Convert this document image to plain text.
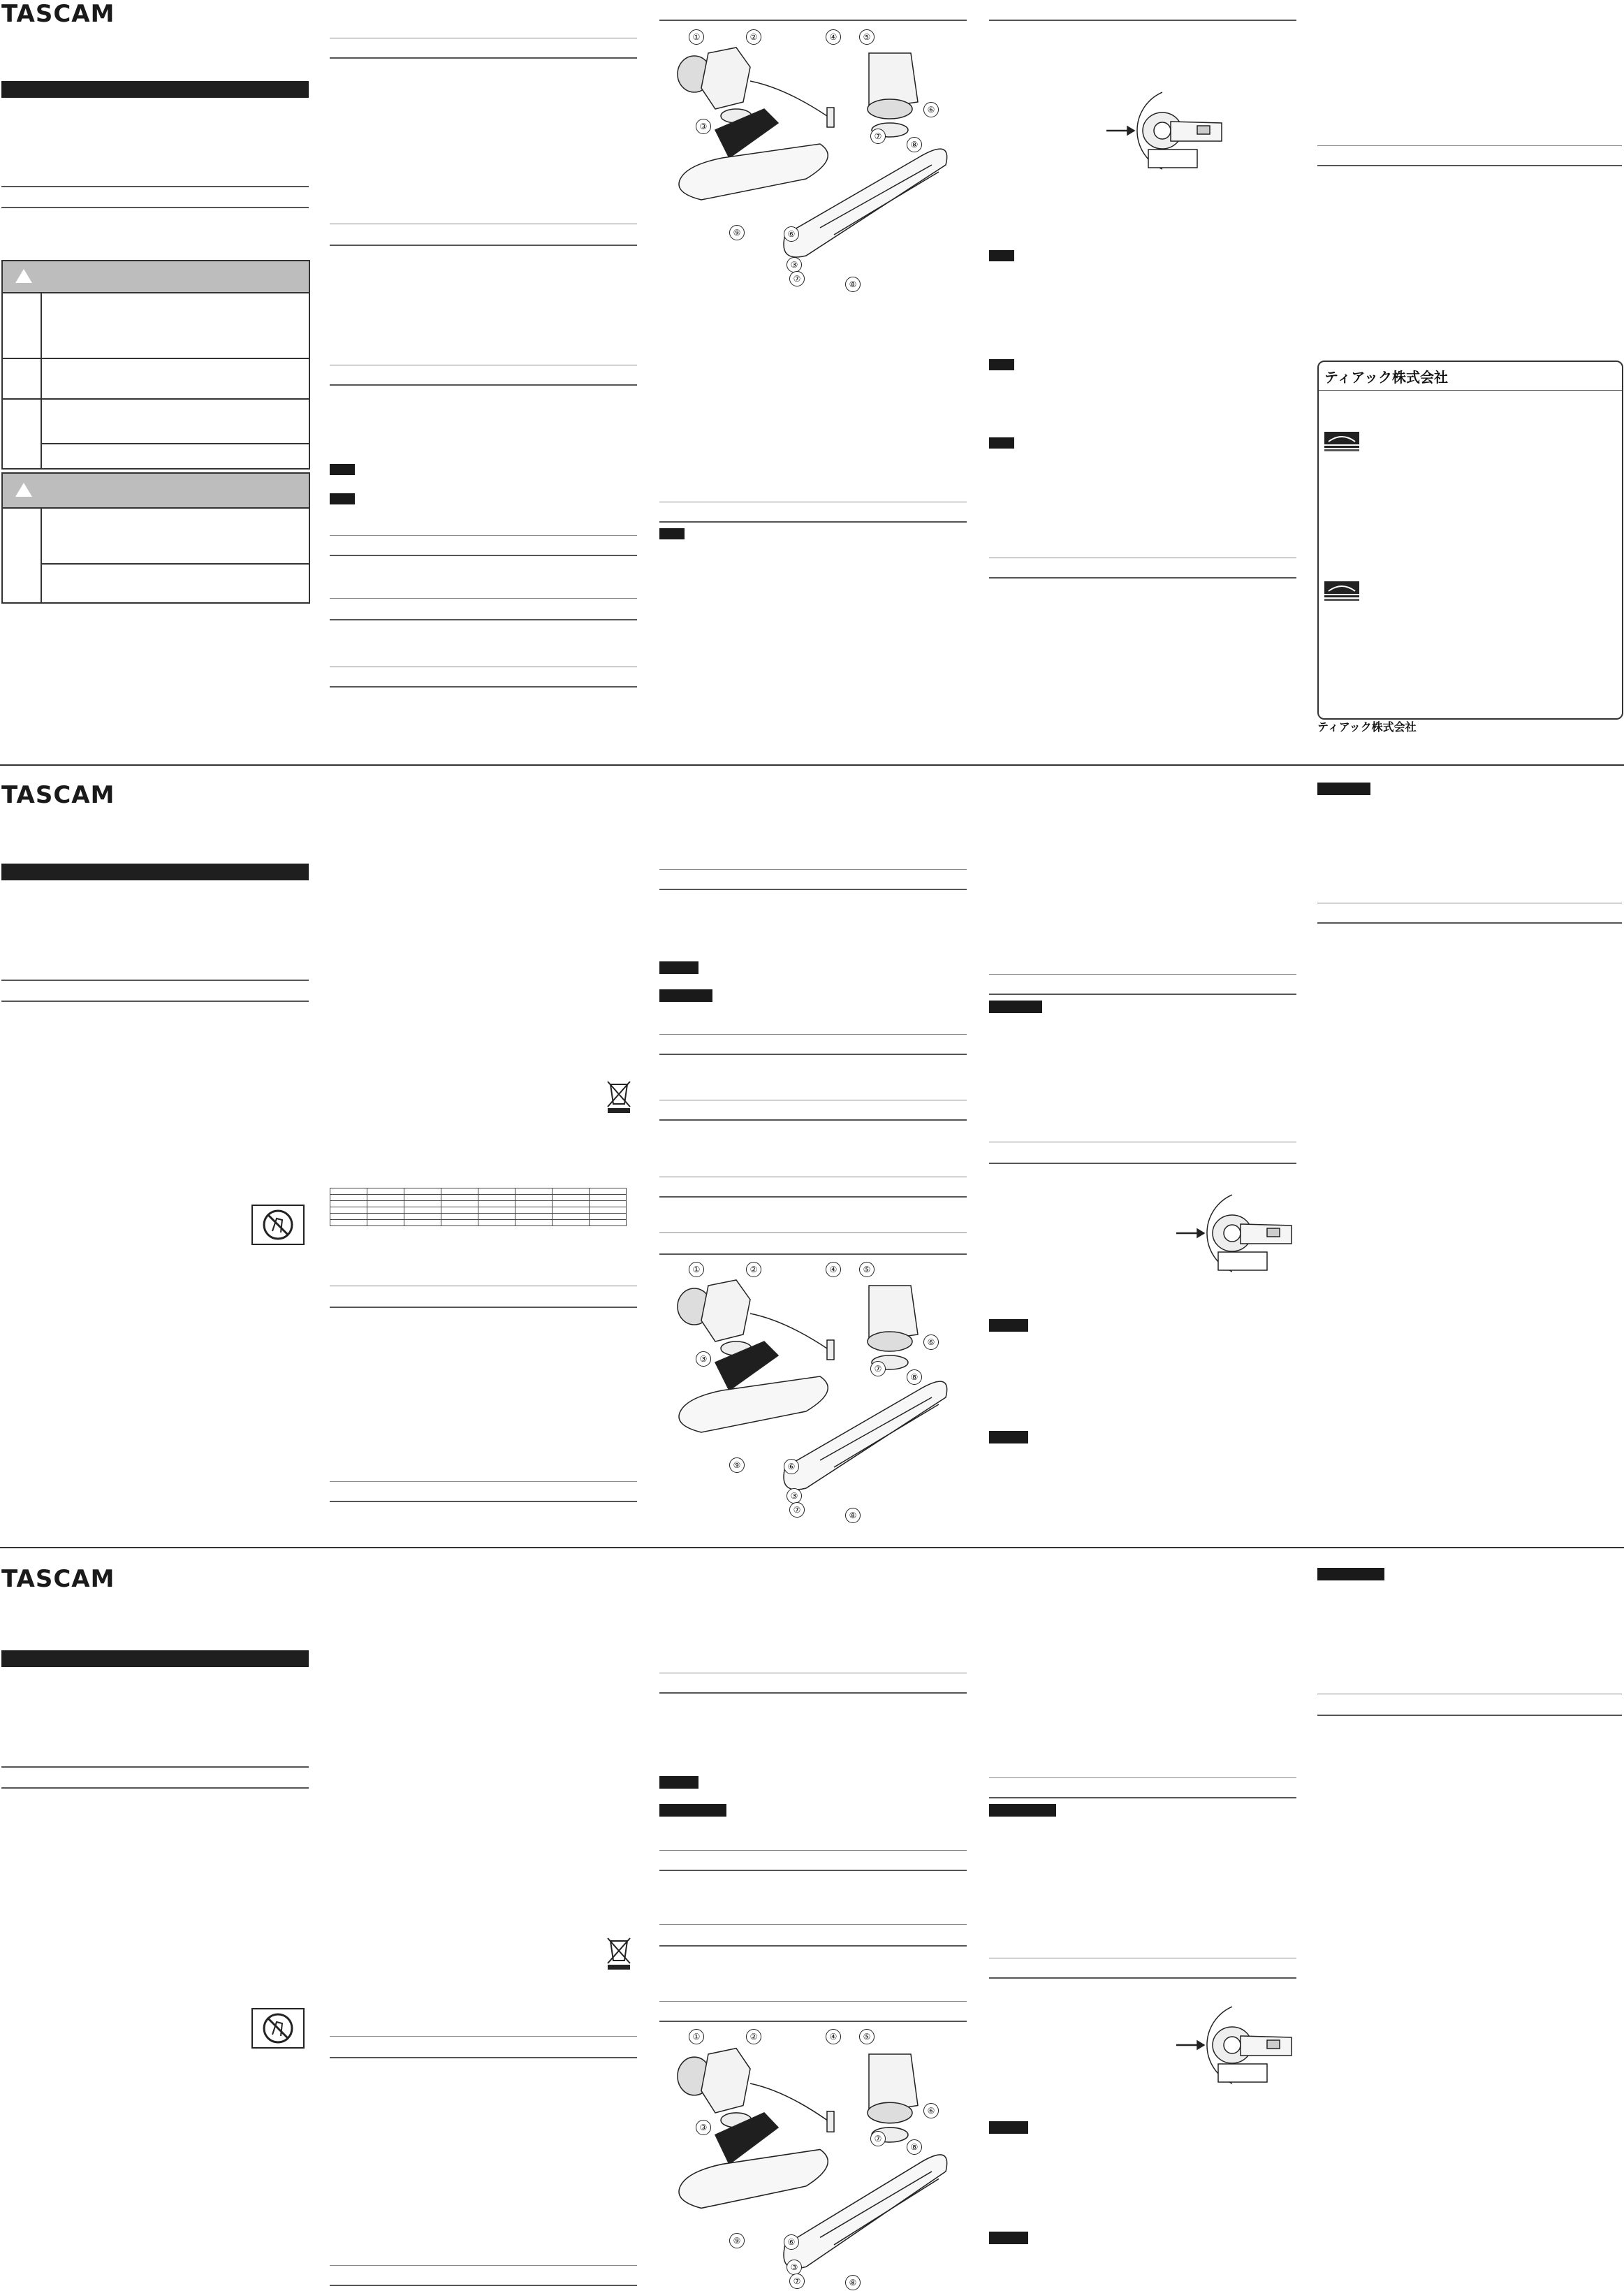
TASCAM
①	②
③
④	⑤
⑥
⑦
⑧
⑨	⑥
③
⑦
⑧
ティアック株式会社
ティアック株式会社
TASCAM

①	②
③
④	⑤
⑥
⑦
⑧
⑨	⑥
③
⑦
⑧
TASCAM
①	②
③
④	⑤
⑥
⑦
⑧
⑨	⑥
③
⑦	⑧
